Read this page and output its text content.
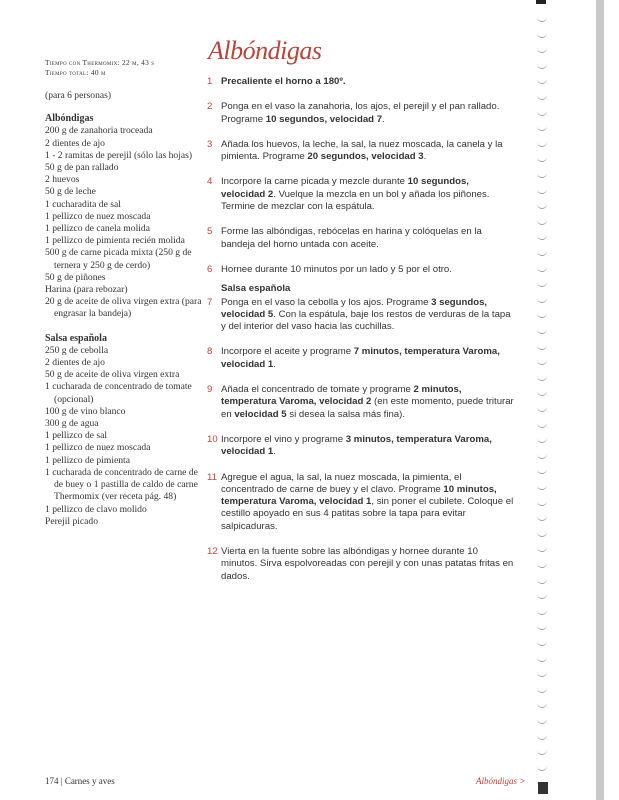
Tiempo con Thermomix: 22 m, 43 s
Tiempo total: 40 m
(para 6 personas)
Albóndigas
200 g de zanahoria troceada
2 dientes de ajo
1 - 2 ramitas de perejil (sólo las hojas)
50 g de pan rallado
2 huevos
50 g de leche
1 cucharadita de sal
1 pellizco de nuez moscada
1 pellizco de canela molida
1 pellizco de pimienta recién molida
500 g de carne picada mixta (250 g de ternera y 250 g de cerdo)
50 g de piñones
Harina (para rebozar)
20 g de aceite de oliva virgen extra (para engrasar la bandeja)
Salsa española
250 g de cebolla
2 dientes de ajo
50 g de aceite de oliva virgen extra
1 cucharada de concentrado de tomate (opcional)
100 g de vino blanco
300 g de agua
1 pellizco de sal
1 pellizco de nuez moscada
1 pellizco de pimienta
1 cucharada de concentrado de carne de de buey o 1 pastilla de caldo de carne Thermomix (ver receta pág. 48)
1 pellizco de clavo molido
Perejil picado
Albóndigas
1 Precaliente el horno a 180º.
2 Ponga en el vaso la zanahoria, los ajos, el perejil y el pan rallado. Programe 10 segundos, velocidad 7.
3 Añada los huevos, la leche, la sal, la nuez moscada, la canela y la pimienta. Programe 20 segundos, velocidad 3.
4 Incorpore la carne picada y mezcle durante 10 segundos, velocidad 2. Vuelque la mezcla en un bol y añada los piñones. Termine de mezclar con la espátula.
5 Forme las albóndigas, rebócelas en harina y colóquelas en la bandeja del horno untada con aceite.
6 Hornee durante 10 minutos por un lado y 5 por el otro.
Salsa española
7 Ponga en el vaso la cebolla y los ajos. Programe 3 segundos, velocidad 5. Con la espátula, baje los restos de verduras de la tapa y del interior del vaso hacia las cuchillas.
8 Incorpore el aceite y programe 7 minutos, temperatura Varoma, velocidad 1.
9 Añada el concentrado de tomate y programe 2 minutos, temperatura Varoma, velocidad 2 (en este momento, puede triturar en velocidad 5 si desea la salsa más fina).
10 Incorpore el vino y programe 3 minutos, temperatura Varoma, velocidad 1.
11 Agregue el agua, la sal, la nuez moscada, la pimienta, el concentrado de carne de buey y el clavo. Programe 10 minutos, temperatura Varoma, velocidad 1, sin poner el cubilete. Coloque el cestillo apoyado en sus 4 patitas sobre la tapa para evitar salpicaduras.
12 Vierta en la fuente sobre las albóndigas y hornee durante 10 minutos. Sirva espolvoreadas con perejil y con unas patatas fritas en dados.
174 | Carnes y aves	Albóndigas >
